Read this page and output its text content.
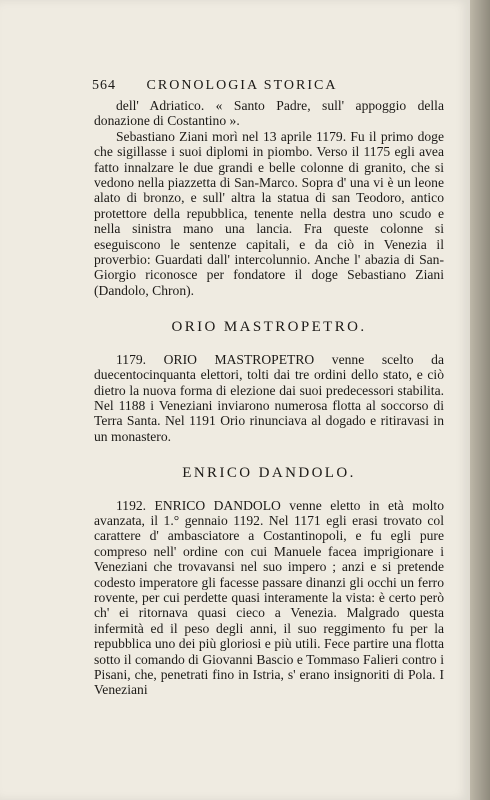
564	CRONOLOGIA STORICA

dell' Adriatico. « Santo Padre, sull' appoggio della donazione di Costantino ».

Sebastiano Ziani morì nel 13 aprile 1179. Fu il primo doge che sigillasse i suoi diplomi in piombo. Verso il 1175 egli avea fatto innalzare le due grandi e belle colonne di granito, che si vedono nella piazzetta di San-Marco. Sopra d' una vi è un leone alato di bronzo, e sull' altra la statua di san Teodoro, antico protettore della repubblica, tenente nella destra uno scudo e nella sinistra mano una lancia. Fra queste colonne si eseguiscono le sentenze capitali, e da ciò in Venezia il proverbio: Guardati dall' intercolunnio. Anche l' abazia di San-Giorgio riconosce per fondatore il doge Sebastiano Ziani (Dandolo, Chron).

ORIO MASTROPETRO.

1179. ORIO MASTROPETRO venne scelto da duecentocinquanta elettori, tolti dai tre ordini dello stato, e ciò dietro la nuova forma di elezione dai suoi predecessori stabilita. Nel 1188 i Veneziani inviarono numerosa flotta al soccorso di Terra Santa. Nel 1191 Orio rinunciava al dogado e ritiravasi in un monastero.

ENRICO DANDOLO.

1192. ENRICO DANDOLO venne eletto in età molto avanzata, il 1.° gennaio 1192. Nel 1171 egli erasi trovato col carattere d' ambasciatore a Costantinopoli, e fu egli pure compreso nell' ordine con cui Manuele facea imprigionare i Veneziani che trovavansi nel suo impero ; anzi e si pretende codesto imperatore gli facesse passare dinanzi gli occhi un ferro rovente, per cui perdette quasi interamente la vista: è certo però ch' ei ritornava quasi cieco a Venezia. Malgrado questa infermità ed il peso degli anni, il suo reggimento fu per la repubblica uno dei più gloriosi e più utili. Fece partire una flotta sotto il comando di Giovanni Bascio e Tommaso Falieri contro i Pisani, che, penetrati fino in Istria, s' erano insignoriti di Pola. I Veneziani
